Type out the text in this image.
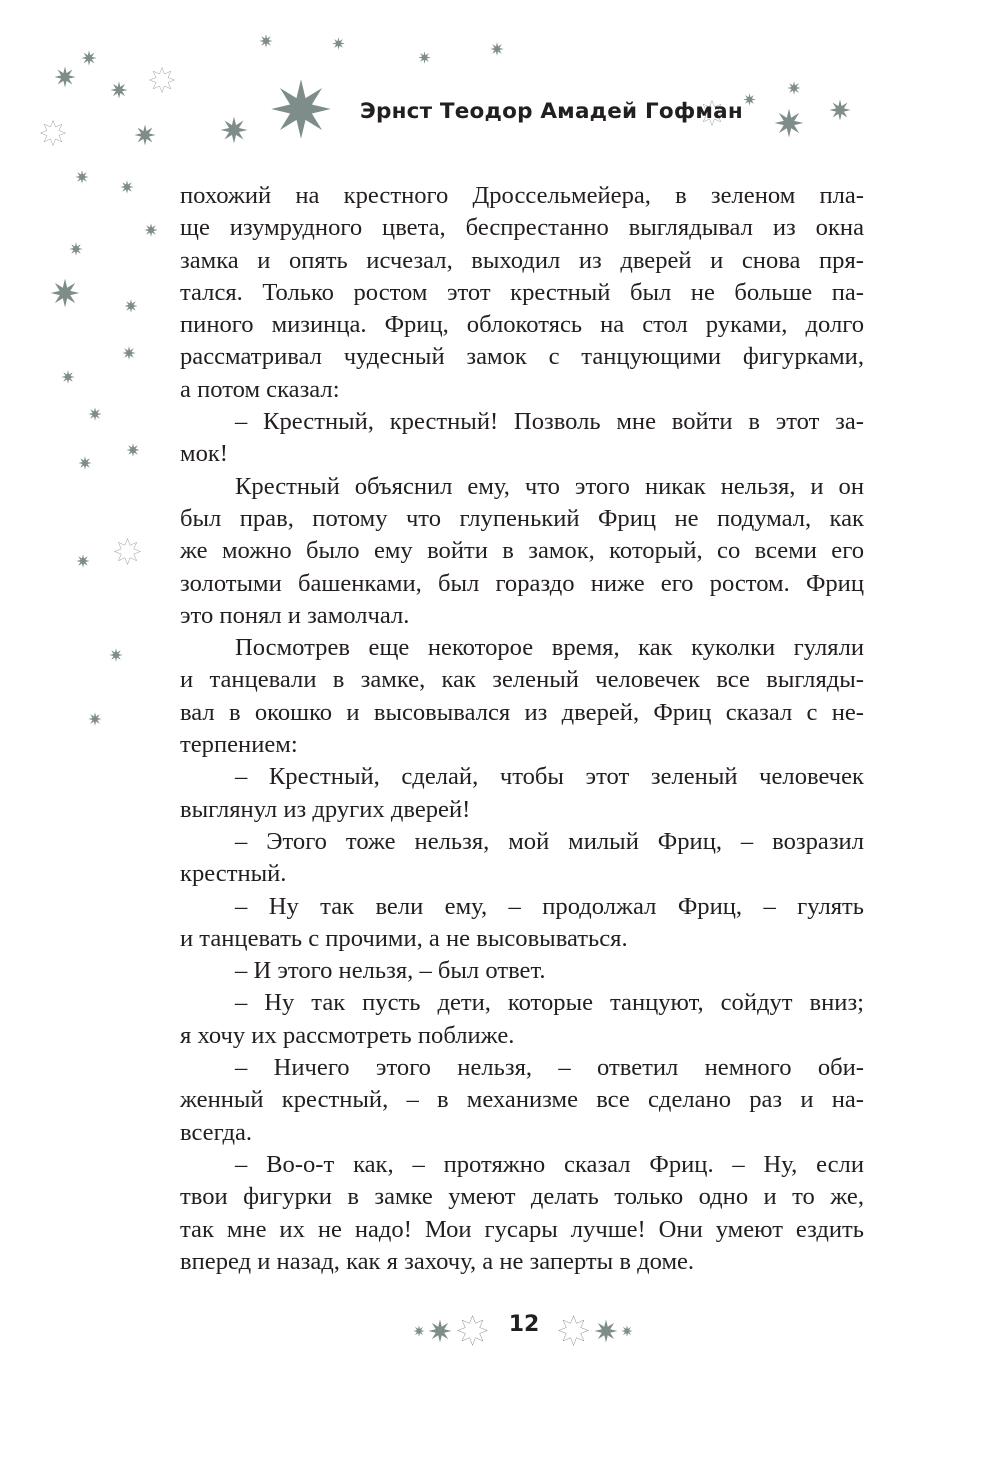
Эрнст Теодор Амадей Гофман
похожий на крестного Дроссельмейера, в зеленом пла-
ще изумрудного цвета, беспрестанно выглядывал из окна
замка и опять исчезал, выходил из дверей и снова пря-
тался. Только ростом этот крестный был не больше па-
пиного мизинца. Фриц, облокотясь на стол руками, долго
рассматривал чудесный замок с танцующими фигурками,
а потом сказал:
– Крестный, крестный! Позволь мне войти в этот за-
мок!
Крестный объяснил ему, что этого никак нельзя, и он
был прав, потому что глупенький Фриц не подумал, как
же можно было ему войти в замок, который, со всеми его
золотыми башенками, был гораздо ниже его ростом. Фриц
это понял и замолчал.
Посмотрев еще некоторое время, как куколки гуляли
и танцевали в замке, как зеленый человечек все выгляды-
вал в окошко и высовывался из дверей, Фриц сказал с не-
терпением:
– Крестный, сделай, чтобы этот зеленый человечек
выглянул из других дверей!
– Этого тоже нельзя, мой милый Фриц, – возразил
крестный.
– Ну так вели ему, – продолжал Фриц, – гулять
и танцевать с прочими, а не высовываться.
– И этого нельзя, – был ответ.
– Ну так пусть дети, которые танцуют, сойдут вниз;
я хочу их рассмотреть поближе.
– Ничего этого нельзя, – ответил немного оби-
женный крестный, – в механизме все сделано раз и на-
всегда.
– Во-о-т как, – протяжно сказал Фриц. – Ну, если
твои фигурки в замке умеют делать только одно и то же,
так мне их не надо! Мои гусары лучше! Они умеют ездить
вперед и назад, как я захочу, а не заперты в доме.
12
